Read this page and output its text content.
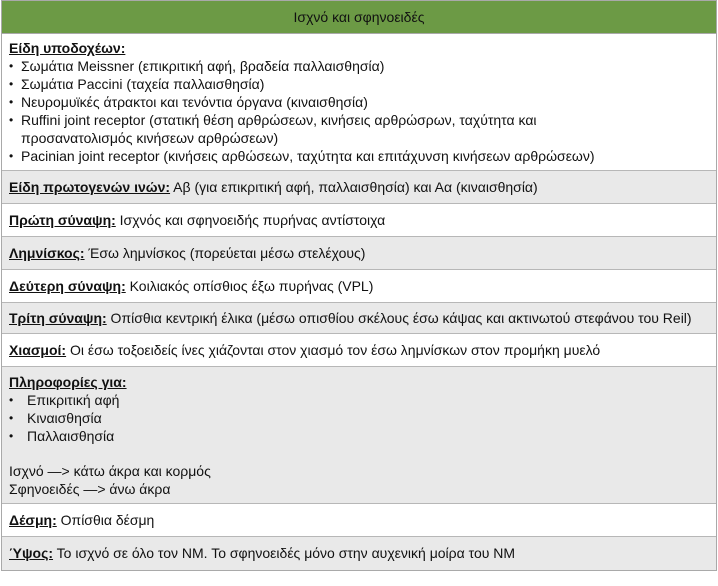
Ισχνό και σφηνοειδές
Είδη υποδοχέων:
• Σωμάτια Meissner (επικριτική αφή, βραδεία παλλαισθησία)
• Σωμάτια Paccini (ταχεία παλλαισθησία)
• Νευρομυϊκές άτρακτοι και τενόντια όργανα (κιναισθησία)
• Ruffini joint receptor (στατική θέση αρθρώσεων, κινήσεις αρθρώσρων, ταχύτητα και προσανατολισμός κινήσεων αρθρώσεων)
• Pacinian joint receptor (κινήσεις αρθώσεων, ταχύτητα και επιτάχυνση κινήσεων αρθρώσεων)
Είδη πρωτογενών ινών: Αβ (για επικριτική αφή, παλλαισθησία) και Αα (κιναισθησία)
Πρώτη σύναψη: Ισχνός και σφηνοειδής πυρήνας αντίστοιχα
Λημνίσκος: Έσω λημνίσκος (πορεύεται μέσω στελέχους)
Δεύτερη σύναψη: Κοιλιακός οπίσθιος έξω πυρήνας (VPL)
Τρίτη σύναψη: Οπίσθια κεντρική έλικα (μέσω οπισθίου σκέλους έσω κάψας και ακτινωτού στεφάνου του Reil)
Χιασμοί: Οι έσω τοξοειδείς ίνες χιάζονται στον χιασμό τον έσω λημνίσκων στον προμήκη μυελό
Πληροφορίες για:
• Επικριτική αφή
• Κιναισθησία
• Παλλαισθησία
Ισχνό —> κάτω άκρα και κορμός
Σφηνοειδές —> άνω άκρα
Δέσμη: Οπίσθια δέσμη
Ύψος: Το ισχνό σε όλο τον ΝΜ. Το σφηνοειδές μόνο στην αυχενική μοίρα του ΝΜ
